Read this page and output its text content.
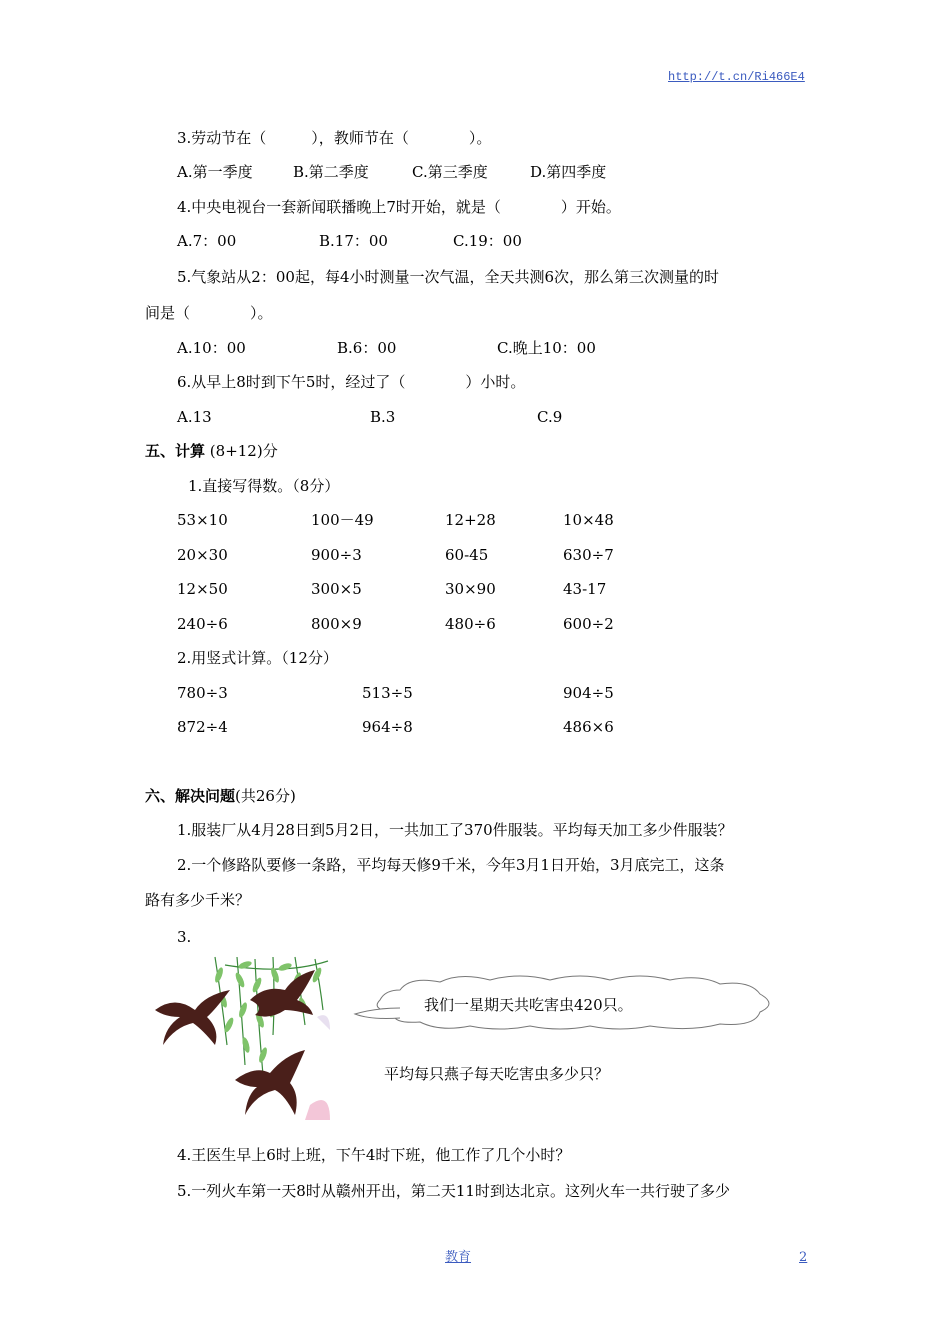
http://t.cn/Ri466E4
3.劳动节在（　　　），教师节在（　　　　）。
A.第一季度	B.第二季度	C.第三季度	D.第四季度
4.中央电视台一套新闻联播晚上7时开始，就是（　　　　）开始。
A.7：00	B.17：00	C.19：00
5.气象站从2：00起，每4小时测量一次气温，全天共测6次，那么第三次测量的时
间是（　　　　）。
A.10：00	B.6：00	C.晚上10：00
6.从早上8时到下午5时，经过了（　　　　）小时。
A.13	B.3	C.9
五、计算 (8+12)分
1.直接写得数。（8分）
53×10	100－49	12+28	10×48
20×30	900÷3	60-45	630÷7
12×50	300×5	30×90	43-17
240÷6	800×9	480÷6	600÷2
2.用竖式计算。（12分）
780÷3	513÷5	904÷5
872÷4	964÷8	486×6
六、解决问题(共26分)
1.服装厂从4月28日到5月2日，一共加工了370件服装。平均每天加工多少件服装？
2.一个修路队要修一条路，平均每天修9千米，今年3月1日开始，3月底完工，这条
路有多少千米？
3.
我们一星期天共吃害虫420只。
平均每只燕子每天吃害虫多少只？
4.王医生早上6时上班，下午4时下班，他工作了几个小时？
5.一列火车第一天8时从赣州开出，第二天11时到达北京。这列火车一共行驶了多少
教育	2
